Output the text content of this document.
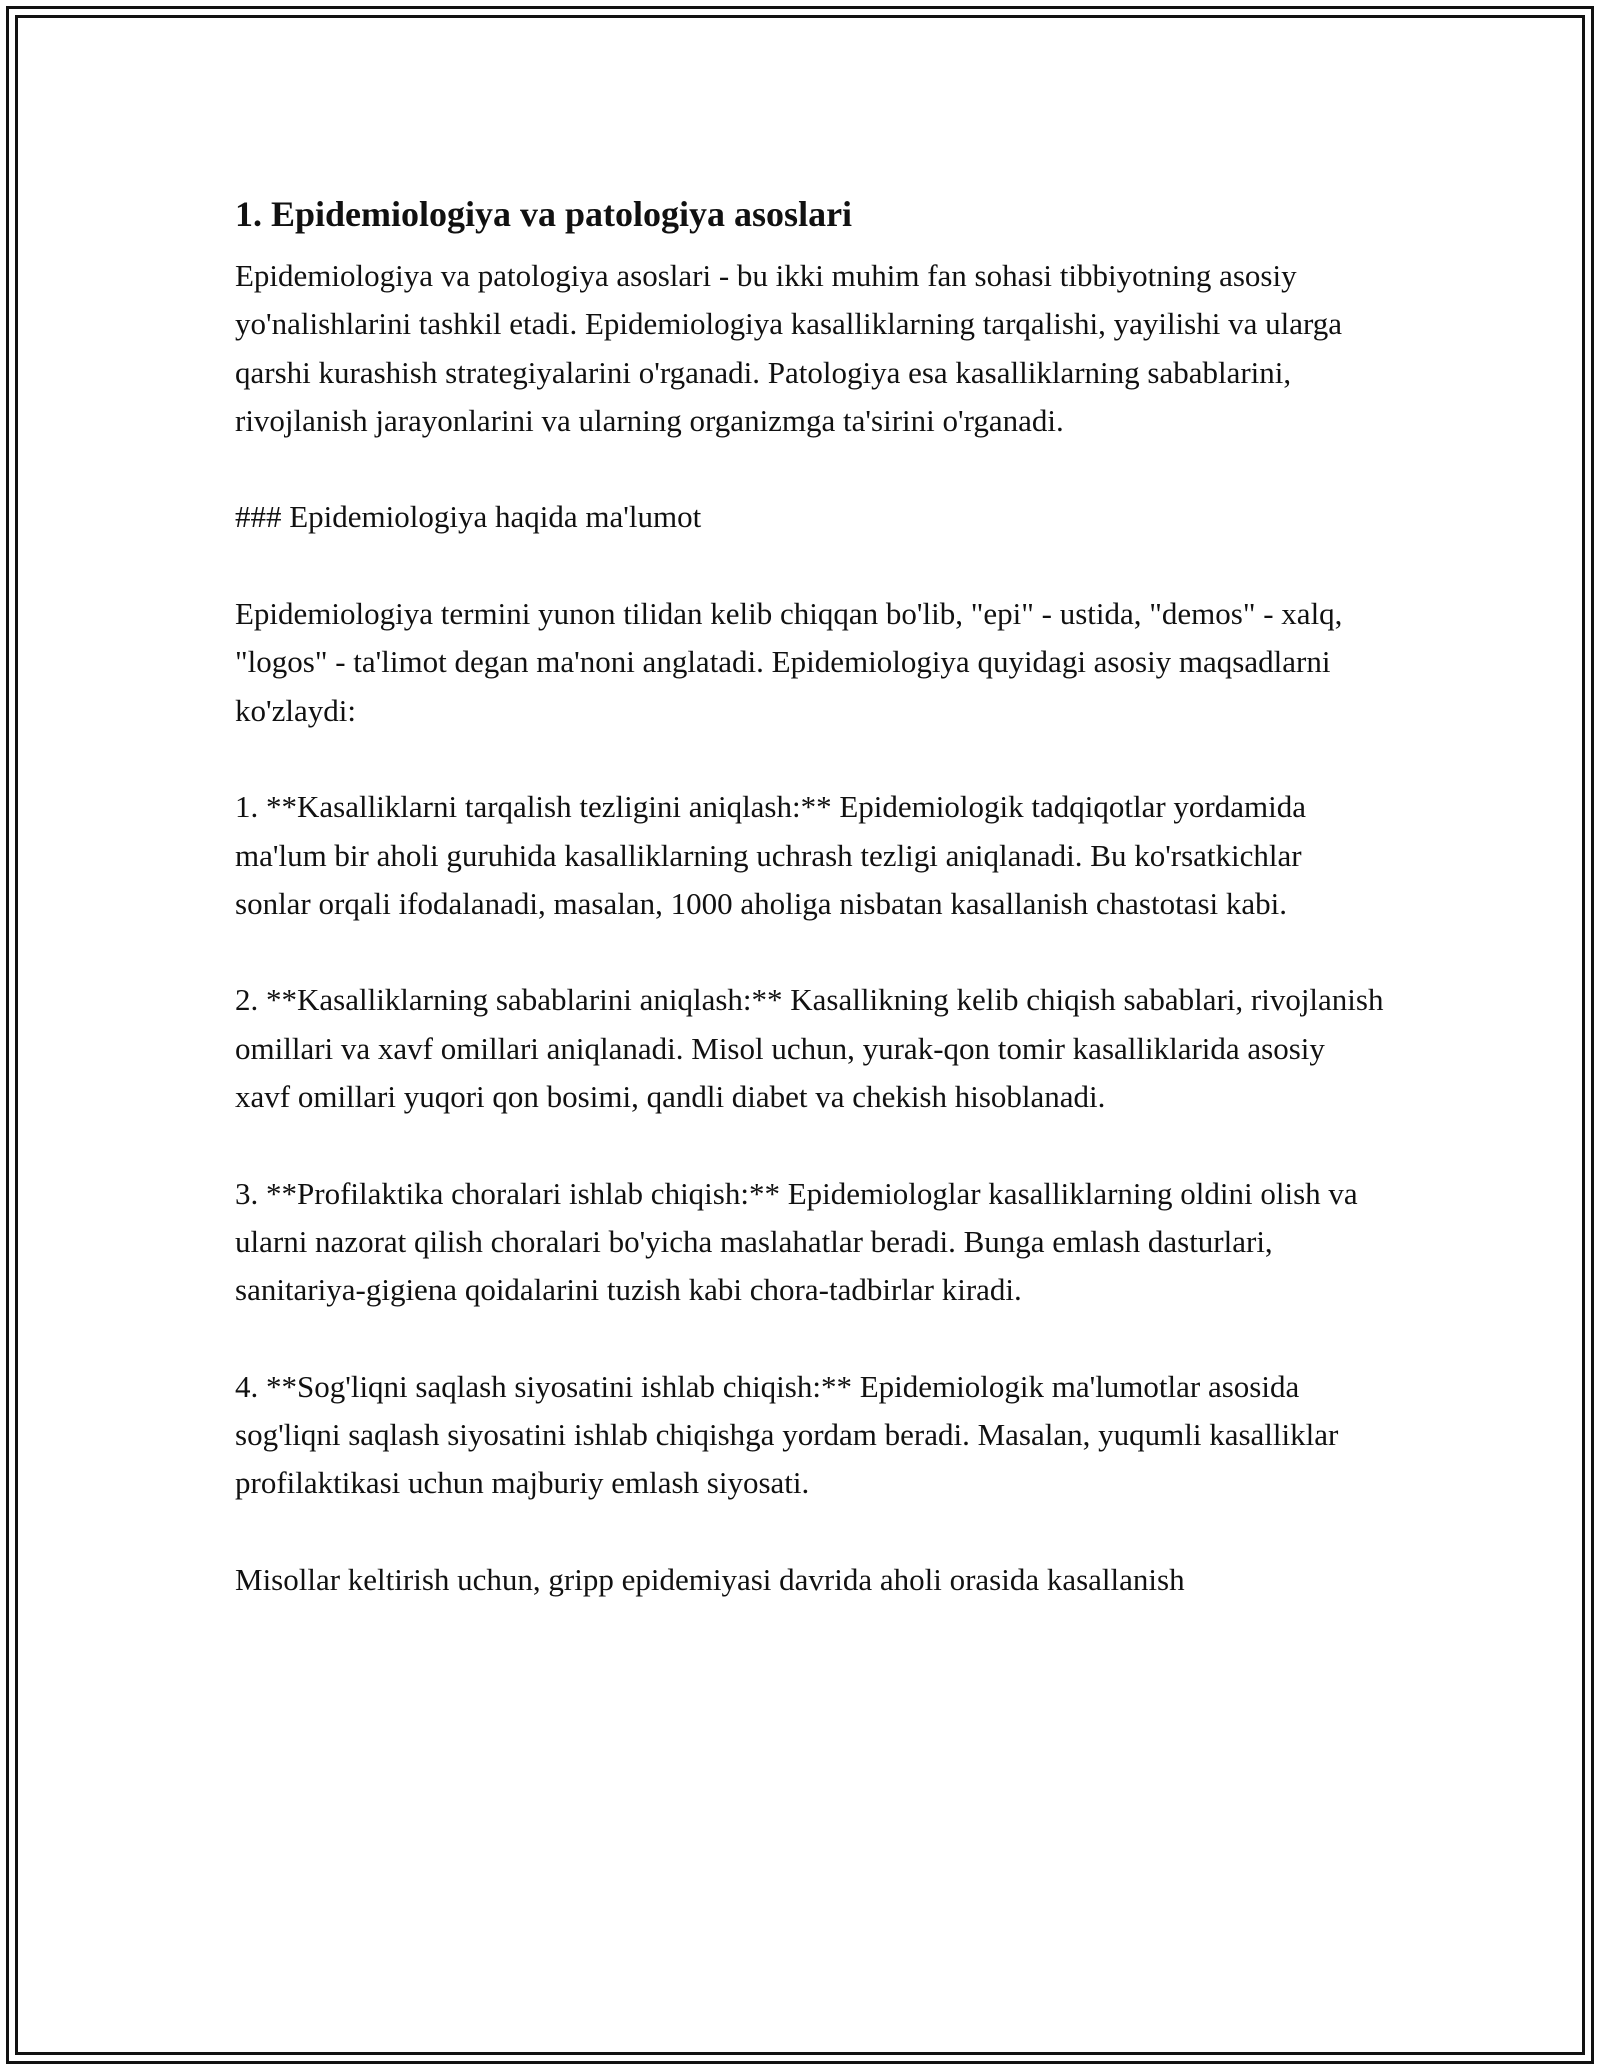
1. Epidemiologiya va patologiya asoslari

Epidemiologiya va patologiya asoslari - bu ikki muhim fan sohasi tibbiyotning asosiy yo'nalishlarini tashkil etadi. Epidemiologiya kasalliklarning tarqalishi, yayilishi va ularga qarshi kurashish strategiyalarini o'rganadi. Patologiya esa kasalliklarning sabablarini, rivojlanish jarayonlarini va ularning organizmga ta'sirini o'rganadi.

### Epidemiologiya haqida ma'lumot

Epidemiologiya termini yunon tilidan kelib chiqqan bo'lib, "epi" - ustida, "demos" - xalq, "logos" - ta'limot degan ma'noni anglatadi. Epidemiologiya quyidagi asosiy maqsadlarni ko'zlaydi:

1. **Kasalliklarni tarqalish tezligini aniqlash:** Epidemiologik tadqiqotlar yordamida ma'lum bir aholi guruhida kasalliklarning uchrash tezligi aniqlanadi. Bu ko'rsatkichlar sonlar orqali ifodalanadi, masalan, 1000 aholiga nisbatan kasallanish chastotasi kabi.

2. **Kasalliklarning sabablarini aniqlash:** Kasallikning kelib chiqish sabablari, rivojlanish omillari va xavf omillari aniqlanadi. Misol uchun, yurak-qon tomir kasalliklarida asosiy xavf omillari yuqori qon bosimi, qandli diabet va chekish hisoblanadi.

3. **Profilaktika choralari ishlab chiqish:** Epidemiologlar kasalliklarning oldini olish va ularni nazorat qilish choralari bo'yicha maslahatlar beradi. Bunga emlash dasturlari, sanitariya-gigiena qoidalarini tuzish kabi chora-tadbirlar kiradi.

4. **Sog'liqni saqlash siyosatini ishlab chiqish:** Epidemiologik ma'lumotlar asosida sog'liqni saqlash siyosatini ishlab chiqishga yordam beradi. Masalan, yuqumli kasalliklar profilaktikasi uchun majburiy emlash siyosati.

Misollar keltirish uchun, gripp epidemiyasi davrida aholi orasida kasallanish
